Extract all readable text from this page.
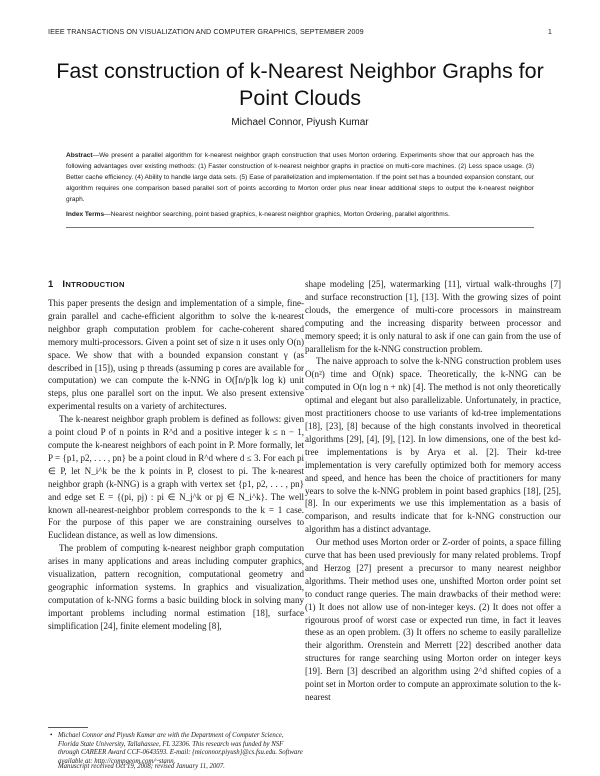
IEEE TRANSACTIONS ON VISUALIZATION AND COMPUTER GRAPHICS, SEPTEMBER 2009	1
Fast construction of k-Nearest Neighbor Graphs for Point Clouds
Michael Connor, Piyush Kumar
Abstract—We present a parallel algorithm for k-nearest neighbor graph construction that uses Morton ordering. Experiments show that our approach has the following advantages over existing methods: (1) Faster construction of k-nearest neighbor graphs in practice on multi-core machines. (2) Less space usage. (3) Better cache efficiency. (4) Ability to handle large data sets. (5) Ease of parallelization and implementation. If the point set has a bounded expansion constant, our algorithm requires one comparison based parallel sort of points according to Morton order plus near linear additional steps to output the k-nearest neighbor graph.
Index Terms—Nearest neighbor searching, point based graphics, k-nearest neighbor graphics, Morton Ordering, parallel algorithms.

This paper presents the design and implementation of a simple, fine-grain parallel and cache-efficient algorithm to solve the k-nearest neighbor graph computation problem for cache-coherent shared memory multi-processors. Given a point set of size n it uses only O(n) space. We show that with a bounded expansion constant γ (as described in [15]), using p threads (assuming p cores are available for computation) we can compute the k-NNG in O(⌈n/p⌉k log k) unit steps, plus one parallel sort on the input. We also present extensive experimental results on a variety of architectures.

The k-nearest neighbor graph problem is defined as follows: given a point cloud P of n points in R^d and a positive integer k ≤ n − 1, compute the k-nearest neighbors of each point in P. More formally, let P = {p1, p2, . . . , pn} be a point cloud in R^d where d ≤ 3. For each pi ∈ P, let N_i^k be the k points in P, closest to pi. The k-nearest neighbor graph (k-NNG) is a graph with vertex set {p1, p2, . . . , pn} and edge set E = {(pi, pj) : pi ∈ N_j^k or pj ∈ N_i^k}. The well known all-nearest-neighbor problem corresponds to the k = 1 case. For the purpose of this paper we are constraining ourselves to Euclidean distance, as well as low dimensions.

The problem of computing k-nearest neighbor graph computation arises in many applications and areas including computer graphics, visualization, pattern recognition, computational geometry and geographic information systems. In graphics and visualization, computation of k-NNG forms a basic building block in solving many important problems including normal estimation [18], surface simplification [24], finite element modeling [8],

1 INTRODUCTION	shape modeling [25], watermarking [11], virtual walk-throughs [7] and surface reconstruction [1], [13]. With the growing sizes of point clouds, the emergence of multi-core processors in mainstream computing and the increasing disparity between processor and memory speed; it is only natural to ask if one can gain from the use of parallelism for the k-NNG construction problem.

The naive approach to solve the k-NNG construction problem uses O(n²) time and O(nk) space. Theoretically, the k-NNG can be computed in O(n log n + nk) [4]. The method is not only theoretically optimal and elegant but also parallelizable. Unfortunately, in practice, most practitioners choose to use variants of kd-tree implementations [18], [23], [8] because of the high constants involved in theoretical algorithms [29], [4], [9], [12]. In low dimensions, one of the best kd-tree implementations is by Arya et al. [2]. Their kd-tree implementation is very carefully optimized both for memory access and speed, and hence has been the choice of practitioners for many years to solve the k-NNG problem in point based graphics [18], [25], [8]. In our experiments we use this implementation as a basis of comparison, and results indicate that for k-NNG construction our algorithm has a distinct advantage.

Our method uses Morton order or Z-order of points, a space filling curve that has been used previously for many related problems. Tropf and Herzog [27] present a precursor to many nearest neighbor algorithms. Their method uses one, unshifted Morton order point set to conduct range queries. The main drawbacks of their method were: (1) It does not allow use of non-integer keys. (2) It does not offer a rigourous proof of worst case or expected run time, in fact it leaves these as an open problem. (3) It offers no scheme to easily parallelize their algorithm. Orenstein and Merrett [22] described another data structures for range searching using Morton order on integer keys [19]. Bern [3] described an algorithm using 2^d shifted copies of a point set in Morton order to compute an approximate solution to the k-nearest

• Michael Connor and Piyush Kumar are with the Department of Computer Science, Florida State University, Tallahassee, FL 32306. This research was funded by NSF through CAREER Award CCF-0643593. E-mail: {miconnor,piyush}@cs.fsu.edu. Software available at: http://compgeom.com/~stann.
Manuscript received Oct 19, 2008; revised January 11, 2007.
